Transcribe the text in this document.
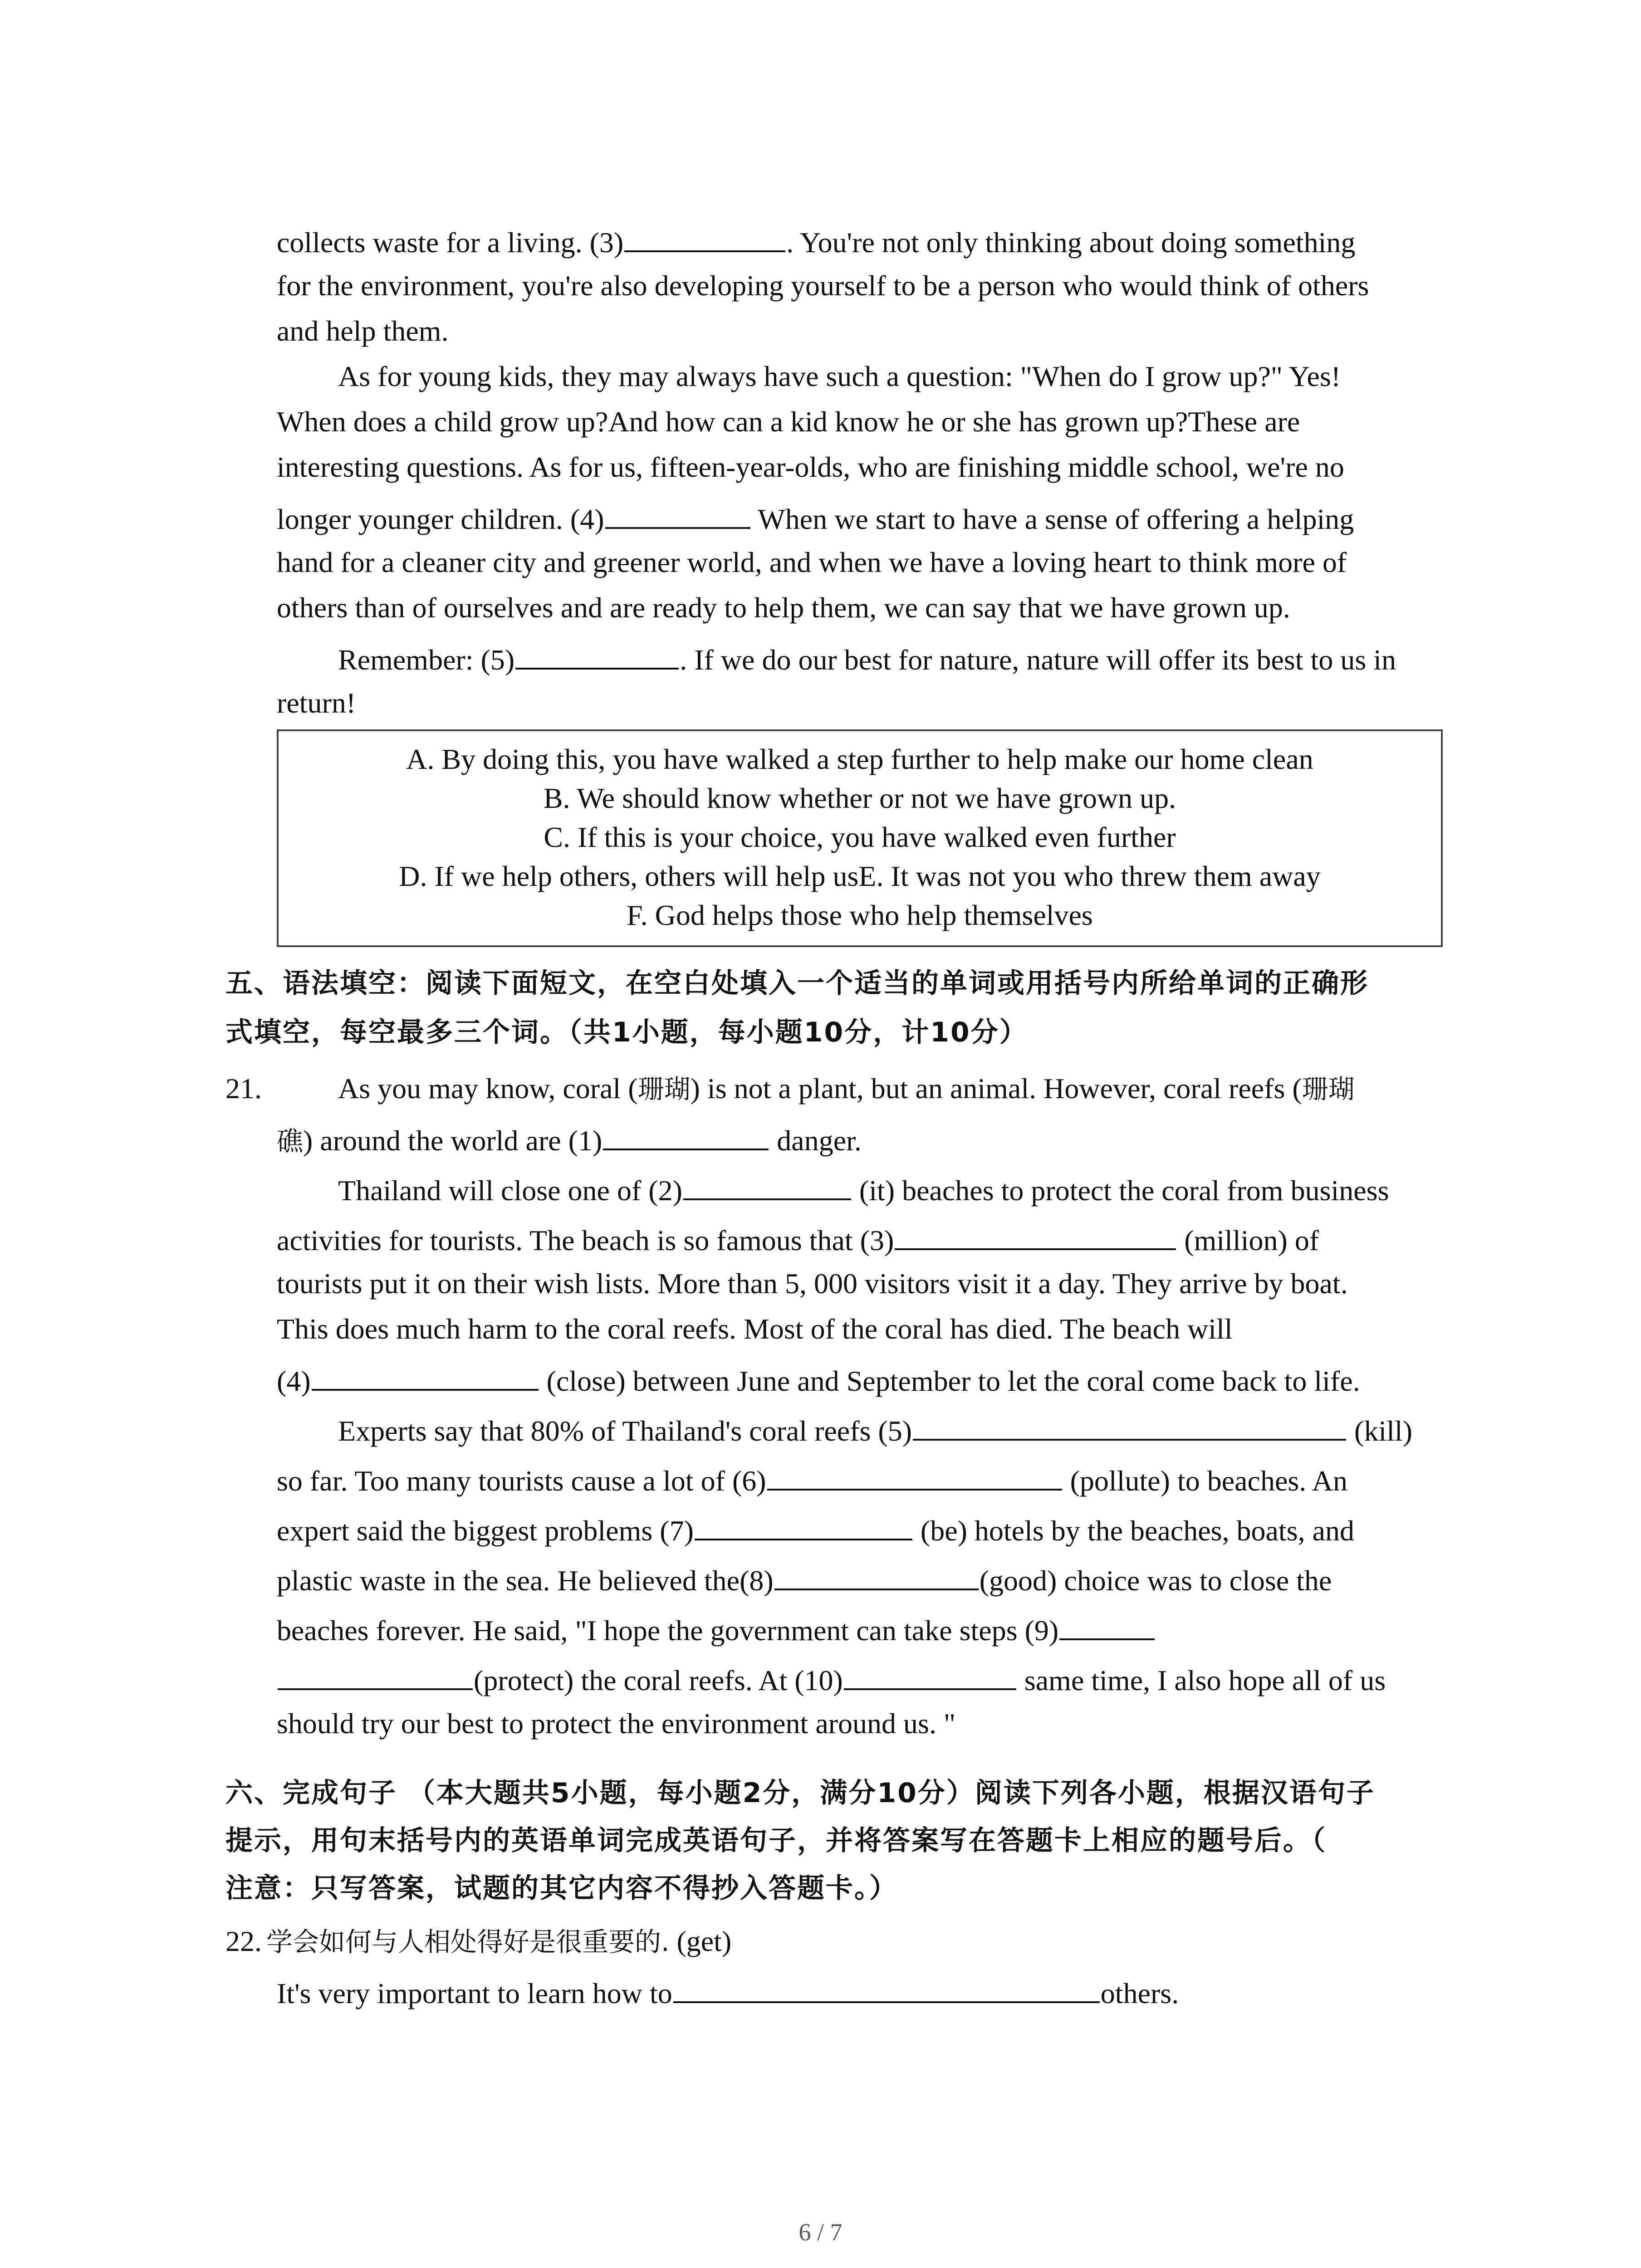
collects waste for a living. (3)	. You're not only thinking about doing something
for the environment, you're also developing yourself to be a person who would think of others
and help them.
As for young kids, they may always have such a question: "When do I grow up?" Yes!
When does a child grow up?And how can a kid know he or she has grown up?These are
interesting questions. As for us, fifteen-year-olds, who are finishing middle school, we're no
longer younger children. (4)	When we start to have a sense of offering a helping
hand for a cleaner city and greener world, and when we have a loving heart to think more of
others than of ourselves and are ready to help them, we can say that we have grown up.
Remember: (5)	. If we do our best for nature, nature will offer its best to us in
return!
A. By doing this, you have walked a step further to help make our home clean
B. We should know whether or not we have grown up.
C. If this is your choice, you have walked even further
D. If we help others, others will help usE. It was not you who threw them away
F. God helps those who help themselves
五、语法填空：阅读下面短文，在空白处填入一个适当的单词或用括号内所给单词的正确形
式填空，每空最多三个词。（共1小题，每小题10分，计10分）
21.	As you may know, coral (珊瑚) is not a plant, but an animal. However, coral reefs (珊瑚
礁) around the world are (1)	danger.
Thailand will close one of (2)	(it) beaches to protect the coral from business
activities for tourists. The beach is so famous that (3)	(million) of
tourists put it on their wish lists. More than 5, 000 visitors visit it a day. They arrive by boat.
This does much harm to the coral reefs. Most of the coral has died. The beach will
(4)	(close) between June and September to let the coral come back to life.
Experts say that 80% of Thailand's coral reefs (5)	(kill)
so far. Too many tourists cause a lot of (6)	(pollute) to beaches. An
expert said the biggest problems (7)	(be) hotels by the beaches, boats, and
plastic waste in the sea. He believed the(8)	(good) choice was to close the
beaches forever. He said, "I hope the government can take steps (9)
(protect) the coral reefs. At (10)	same time, I also hope all of us
should try our best to protect the environment around us. "
六、完成句子 （本大题共5小题，每小题2分，满分10分）阅读下列各小题，根据汉语句子
提示，用句末括号内的英语单词完成英语句子，并将答案写在答题卡上相应的题号后。（
注意：只写答案，试题的其它内容不得抄入答题卡。）
22. 学会如何与人相处得好是很重要的. (get)
It's very important to learn how to	others.
6 / 7
